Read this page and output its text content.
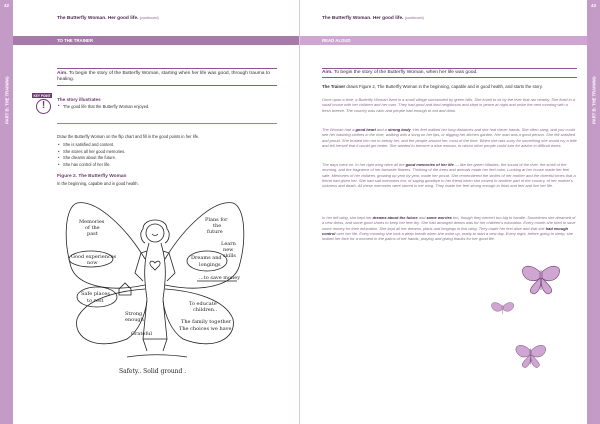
42
PART B: THE TRAINING
The Butterfly Woman. Her good life. (continued)
TO THE TRAINER
Aim. To begin the story of the Butterfly Woman, starting when her life was good, through trauma to healing.
KEY POINT
!
The story illustrates
• The good life that the Butterfly Woman enjoyed.
Draw the Butterfly Woman on the flip chart and fill in the good points in her life.
• She is satisfied and content.
• She stores all her good memories.
• She dreams about the future.
• She has control of her life.
Figure 2. The Butterfly Woman
In the beginning, capable and in good health.
Memories
of the
past
Good experiences
now
Safe places
to rest
Plans for
the
future
Learn
new
skills
Dreams and
longings
...to save money
Strong
enough
Grateful
To educate
children..
The family together
The choices we have
Safety.. Solid ground .
43
PART B: THE TRAINING
The Butterfly Woman. Her good life. (continued)
READ ALOUD
Aim. To begin the story of the Butterfly Woman, when her life was good.
The Trainer draws Figure 2, The Butterfly Woman in the beginning, capable and in good health, and starts the story.
Once upon a time, a Butterfly Woman lived in a small village surrounded by green hills. She loved to sit by the river that ran nearby. She lived in a small house with her children and her man. They had good and kind neighbours and slept in peace at night and woke the next morning with a fresh breeze. The country was calm and people had enough to eat and drink.
The Woman had a good heart and a strong body. Her feet walked her long distances and she had clever hands. She often sang, and you could see her washing clothes in the river, walking with a song on her lips, or digging her kitchen garden. Her man was a good person. She felt satisfied and proud. She trusted him not to betray her, and the people around her, most of the time. When she was sorry for something she would cry a little and tell herself that it would get better. She wanted to become a wise woman, to whom other people could turn for advice in difficult times.
The days went on. In her right wing were all the good memories of her life — like the green hillsides, the sound of the river, the smell of the morning, and the fragrance of her favourite flowers. Thinking of the trees and animals made her feel calm. Looking at her house made her feel safe. Memories of her children, growing up year by year, made her proud. She remembered the smiles of her mother and the cheerful times that a friend had given her. She had sad memories too, of saying goodbye to her friend when she moved to another part of the country, of her mother's sickness and death. All these memories were stored in her wing. They made her feel strong enough to think and feel and live her life.
In her left wing, she kept her dreams about the future and some worries too, though they weren't too big to handle. Sometimes she dreamed of a new dress, and some good shoes to keep her feet dry. She had arranged dream was for her children's education. Every month she tried to save some money for their education. She kept all her dreams, plans and longings in this wing. They made her feel alive and that she had enough control over her life. Every morning she took a deep breath when she woke up, ready to start a new day. Every night, before going to sleep, she looked her face for a moment in the palms of her hands, praying and giving thanks for her good life.
